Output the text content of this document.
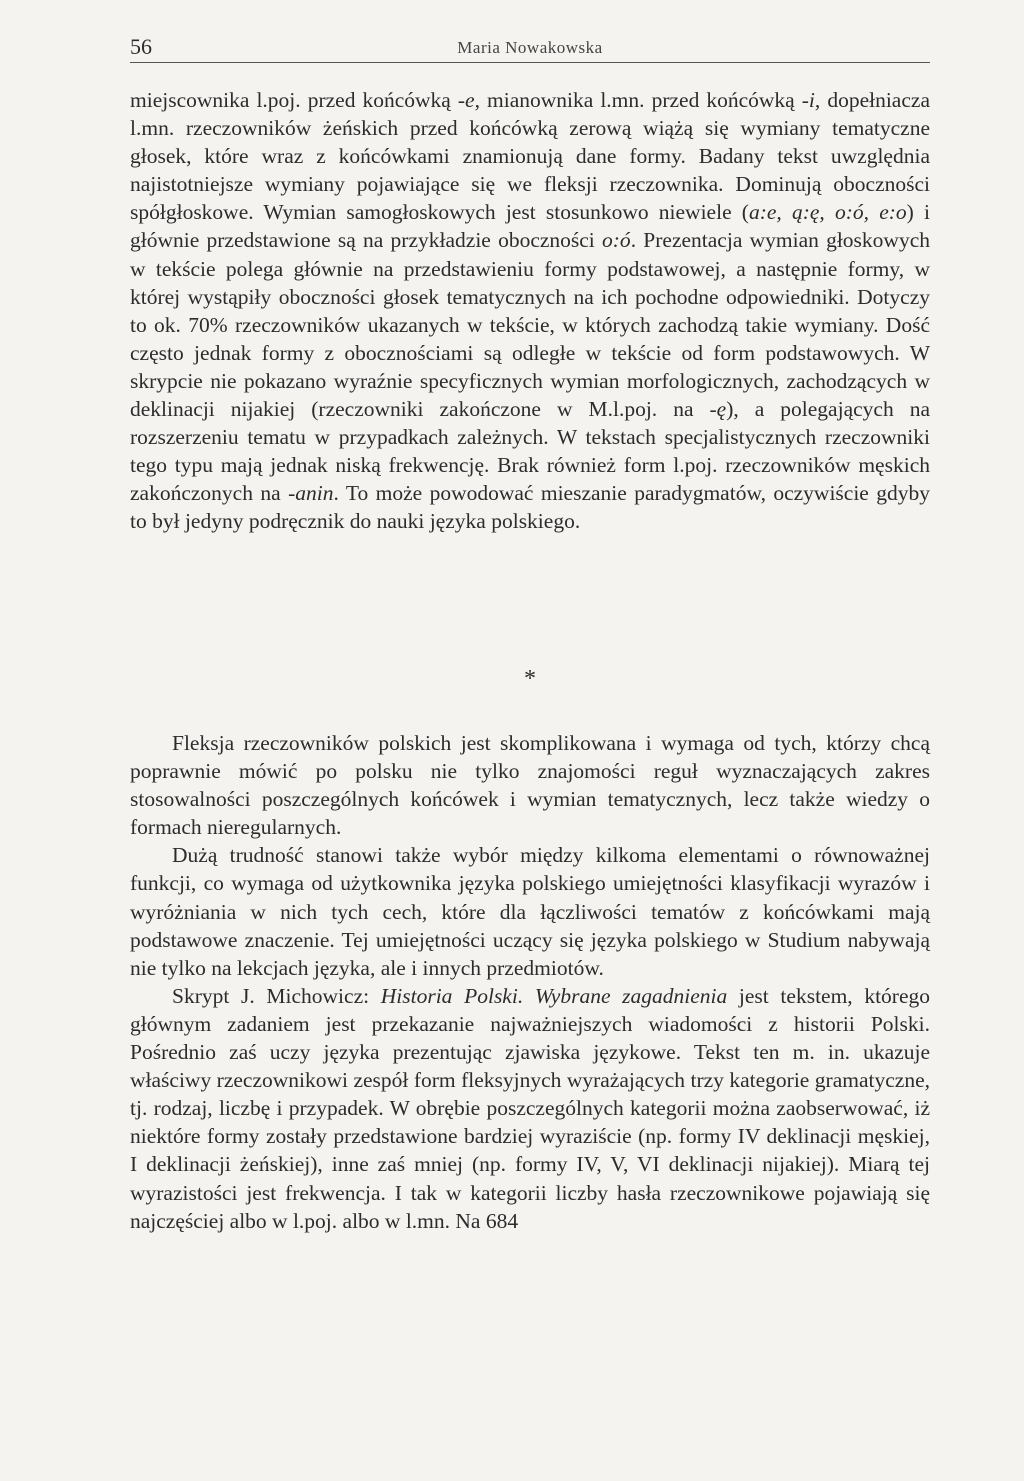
56	Maria Nowakowska

miejscownika l.poj. przed końcówką -e, mianownika l.mn. przed końcówką -i, dopełniacza l.mn. rzeczowników żeńskich przed końcówką zerową wiążą się wymiany tematyczne głosek, które wraz z końcówkami znamionują dane formy. Badany tekst uwzględnia najistotniejsze wymiany pojawiające się we fleksji rzeczownika. Dominują oboczności spółgłoskowe. Wymian samogłoskowych jest stosunkowo niewiele (a:e, ą:ę, o:ó, e:o) i głównie przedstawione są na przykładzie oboczności o:ó. Prezentacja wymian głoskowych w tekście polega głównie na przedstawieniu formy podstawowej, a następnie formy, w której wystąpiły oboczności głosek tematycznych na ich pochodne odpowiedniki. Dotyczy to ok. 70% rzeczowników ukazanych w tekście, w których zachodzą takie wymiany. Dość często jednak formy z obocznościami są odległe w tekście od form podstawowych. W skrypcie nie pokazano wyraźnie specyficznych wymian morfologicznych, zachodzących w deklinacji nijakiej (rzeczowniki zakończone w M.l.poj. na -ę), a polegających na rozszerzeniu tematu w przypadkach zależnych. W tekstach specjalistycznych rzeczowniki tego typu mają jednak niską frekwencję. Brak również form l.poj. rzeczowników męskich zakończonych na -anin. To może powodować mieszanie paradygmatów, oczywiście gdyby to był jedyny podręcznik do nauki języka polskiego.

*

Fleksja rzeczowników polskich jest skomplikowana i wymaga od tych, którzy chcą poprawnie mówić po polsku nie tylko znajomości reguł wyznaczających zakres stosowalności poszczególnych końcówek i wymian tematycznych, lecz także wiedzy o formach nieregularnych.

Dużą trudność stanowi także wybór między kilkoma elementami o równoważnej funkcji, co wymaga od użytkownika języka polskiego umiejętności klasyfikacji wyrazów i wyróżniania w nich tych cech, które dla łączliwości tematów z końcówkami mają podstawowe znaczenie. Tej umiejętności uczący się języka polskiego w Studium nabywają nie tylko na lekcjach języka, ale i innych przedmiotów.

Skrypt J. Michowicz: Historia Polski. Wybrane zagadnienia jest tekstem, którego głównym zadaniem jest przekazanie najważniejszych wiadomości z historii Polski. Pośrednio zaś uczy języka prezentując zjawiska językowe. Tekst ten m. in. ukazuje właściwy rzeczownikowi zespół form fleksyjnych wyrażających trzy kategorie gramatyczne, tj. rodzaj, liczbę i przypadek. W obrębie poszczególnych kategorii można zaobserwować, iż niektóre formy zostały przedstawione bardziej wyraziście (np. formy IV deklinacji męskiej, I deklinacji żeńskiej), inne zaś mniej (np. formy IV, V, VI deklinacji nijakiej). Miarą tej wyrazistości jest frekwencja. I tak w kategorii liczby hasła rzeczownikowe pojawiają się najczęściej albo w l.poj. albo w l.mn. Na 684
